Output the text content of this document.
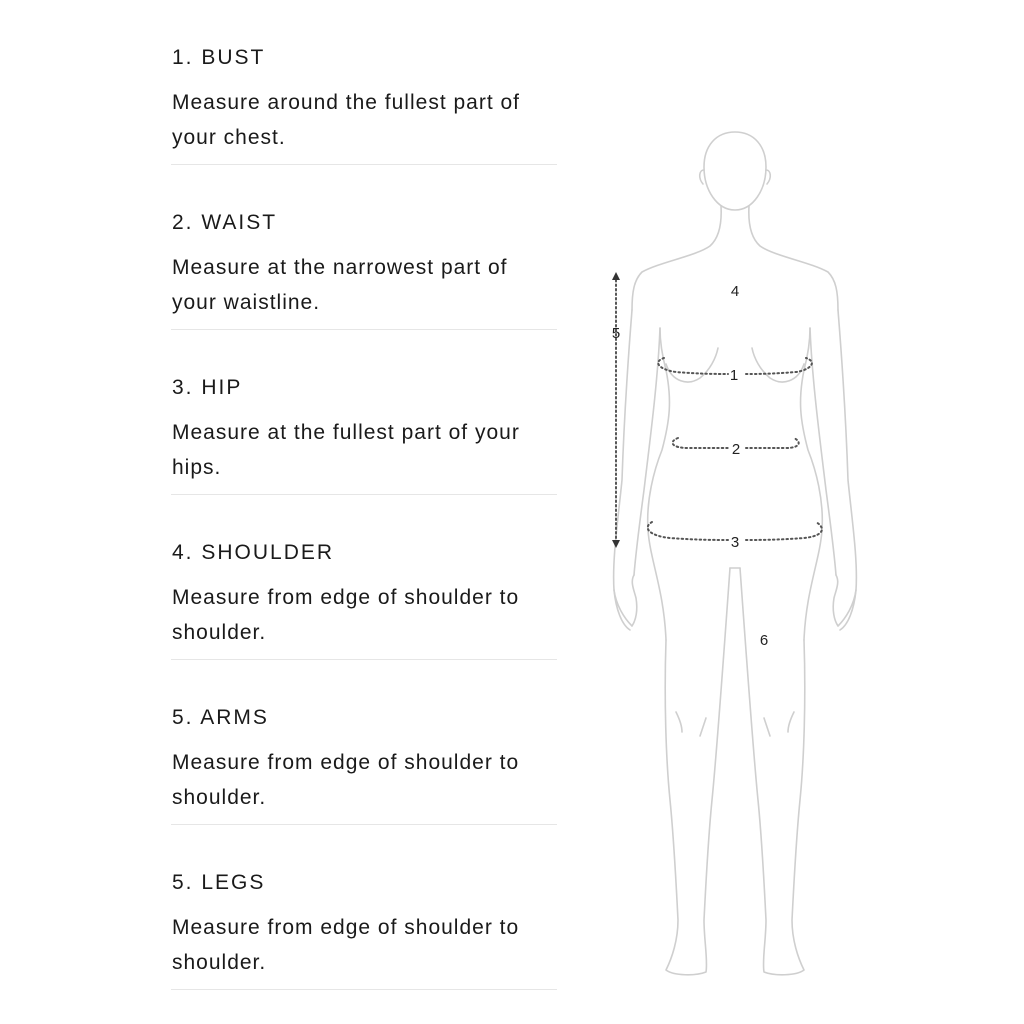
1. BUST
Measure around the fullest part of your chest.
2. WAIST
Measure at the narrowest part of your waistline.
3. HIP
Measure at the fullest part of your hips.
4. SHOULDER
Measure from edge of shoulder to shoulder.
5. ARMS
Measure from edge of shoulder to shoulder.
5. LEGS
Measure from edge of shoulder to shoulder.
4
5
1
2
3
6
